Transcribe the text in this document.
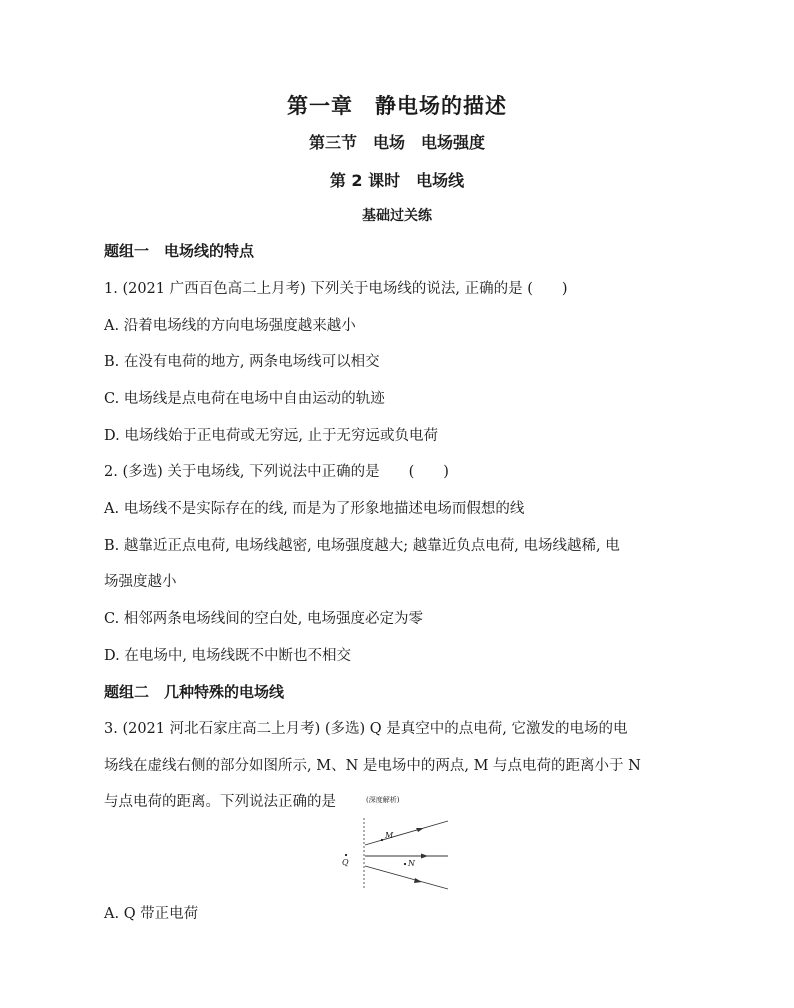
第一章　静电场的描述
第三节　电场　电场强度
第 2 课时　电场线
基础过关练
题组一　电场线的特点
1. (2021 广西百色高二上月考) 下列关于电场线的说法, 正确的是 (　　)
A. 沿着电场线的方向电场强度越来越小
B. 在没有电荷的地方, 两条电场线可以相交
C. 电场线是点电荷在电场中自由运动的轨迹
D. 电场线始于正电荷或无穷远, 止于无穷远或负电荷
2. (多选) 关于电场线, 下列说法中正确的是　　(　　)
A. 电场线不是实际存在的线, 而是为了形象地描述电场而假想的线
B. 越靠近正点电荷, 电场线越密, 电场强度越大; 越靠近负点电荷, 电场线越稀, 电
场强度越小
C. 相邻两条电场线间的空白处, 电场强度必定为零
D. 在电场中, 电场线既不中断也不相交
题组二　几种特殊的电场线
3. (2021 河北石家庄高二上月考) (多选) Q 是真空中的点电荷, 它激发的电场的电
场线在虚线右侧的部分如图所示, M、N 是电场中的两点, M 与点电荷的距离小于 N
与点电荷的距离。下列说法正确的是	$^{(深度解析)}$
Q
M
N
A. Q 带正电荷
